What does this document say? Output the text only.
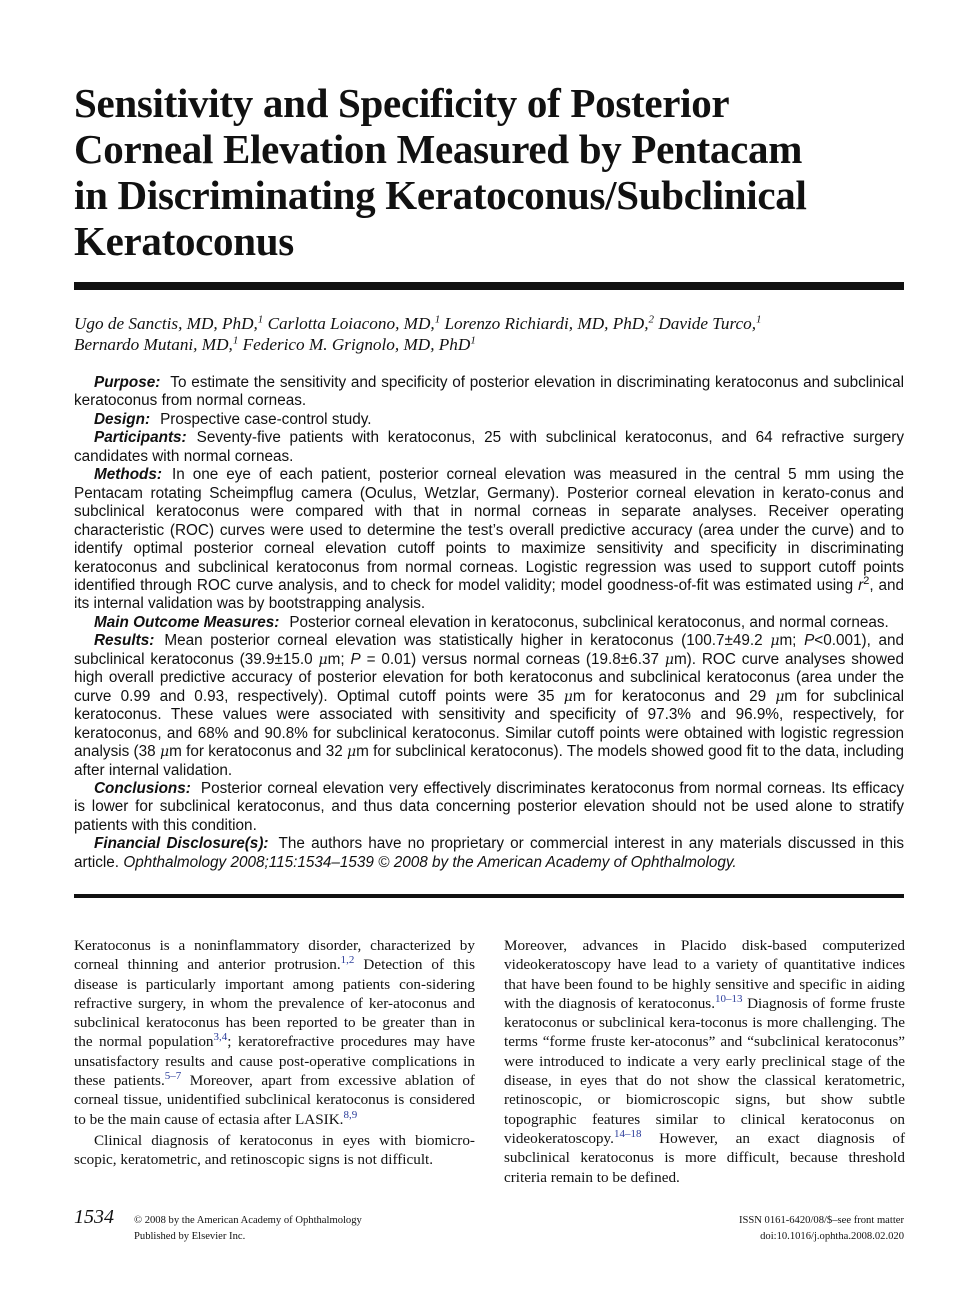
Sensitivity and Specificity of Posterior
Corneal Elevation Measured by Pentacam
in Discriminating Keratoconus/Subclinical
Keratoconus
Ugo de Sanctis, MD, PhD,$^1$ Carlotta Loiacono, MD,$^1$ Lorenzo Richiardi, MD, PhD,$^2$ Davide Turco,$^1$
Bernardo Mutani, MD,$^1$ Federico M. Grignolo, MD, PhD$^1$

Purpose: To estimate the sensitivity and specificity of posterior elevation in discriminating keratoconus and subclinical keratoconus from normal corneas.

Design: Prospective case-control study.

Participants: Seventy-five patients with keratoconus, 25 with subclinical keratoconus, and 64 refractive surgery candidates with normal corneas.

Methods: In one eye of each patient, posterior corneal elevation was measured in the central 5 mm using the Pentacam rotating Scheimpflug camera (Oculus, Wetzlar, Germany). Posterior corneal elevation in kerato-conus and subclinical keratoconus were compared with that in normal corneas in separate analyses. Receiver operating characteristic (ROC) curves were used to determine the test’s overall predictive accuracy (area under the curve) and to identify optimal posterior corneal elevation cutoff points to maximize sensitivity and specificity in discriminating keratoconus and subclinical keratoconus from normal corneas. Logistic regression was used to support cutoff points identified through ROC curve analysis, and to check for model validity; model goodness-of-fit was estimated using $r^2$, and its internal validation was by bootstrapping analysis.

Main Outcome Measures: Posterior corneal elevation in keratoconus, subclinical keratoconus, and normal corneas.

Results: Mean posterior corneal elevation was statistically higher in keratoconus (100.7±49.2 μm; P<0.001), and subclinical keratoconus (39.9±15.0 μm; P = 0.01) versus normal corneas (19.8±6.37 μm). ROC curve analyses showed high overall predictive accuracy of posterior elevation for both keratoconus and subclinical keratoconus (area under the curve 0.99 and 0.93, respectively). Optimal cutoff points were 35 μm for keratoconus and 29 μm for subclinical keratoconus. These values were associated with sensitivity and specificity of 97.3% and 96.9%, respectively, for keratoconus, and 68% and 90.8% for subclinical keratoconus. Similar cutoff points were obtained with logistic regression analysis (38 μm for keratoconus and 32 μm for subclinical keratoconus). The models showed good fit to the data, including after internal validation.

Conclusions: Posterior corneal elevation very effectively discriminates keratoconus from normal corneas. Its efficacy is lower for subclinical keratoconus, and thus data concerning posterior elevation should not be used alone to stratify patients with this condition.

Financial Disclosure(s): The authors have no proprietary or commercial interest in any materials discussed in this article. Ophthalmology 2008;115:1534–1539 © 2008 by the American Academy of Ophthalmology.

Keratoconus is a noninflammatory disorder, characterized by corneal thinning and anterior protrusion.$^{1,2}$ Detection of this disease is particularly important among patients con-sidering refractive surgery, in whom the prevalence of ker-atoconus and subclinical keratoconus has been reported to be greater than in the normal population$^{3,4}$; keratorefractive procedures may have unsatisfactory results and cause post-operative complications in these patients.$^{5-7}$ Moreover, apart from excessive ablation of corneal tissue, unidentified subclinical keratoconus is considered to be the main cause of ectasia after LASIK.$^{8,9}$

Clinical diagnosis of keratoconus in eyes with biomicro-scopic, keratometric, and retinoscopic signs is not difficult.

Moreover, advances in Placido disk-based computerized videokeratoscopy have lead to a variety of quantitative indices that have been found to be highly sensitive and specific in aiding with the diagnosis of keratoconus.$^{10-13}$ Diagnosis of forme fruste keratoconus or subclinical kera-toconus is more challenging. The terms “forme fruste ker-atoconus” and “subclinical keratoconus” were introduced to indicate a very early preclinical stage of the disease, in eyes that do not show the classical keratometric, retinoscopic, or biomicroscopic signs, but show subtle topographic features similar to clinical keratoconus on videokeratoscopy.$^{14-18}$ However, an exact diagnosis of subclinical keratoconus is more difficult, because threshold criteria remain to be defined.

1534 © 2008 by the American Academy of Ophthalmology
Published by Elsevier Inc.
ISSN 0161-6420/08/$–see front matter
doi:10.1016/j.ophtha.2008.02.020
